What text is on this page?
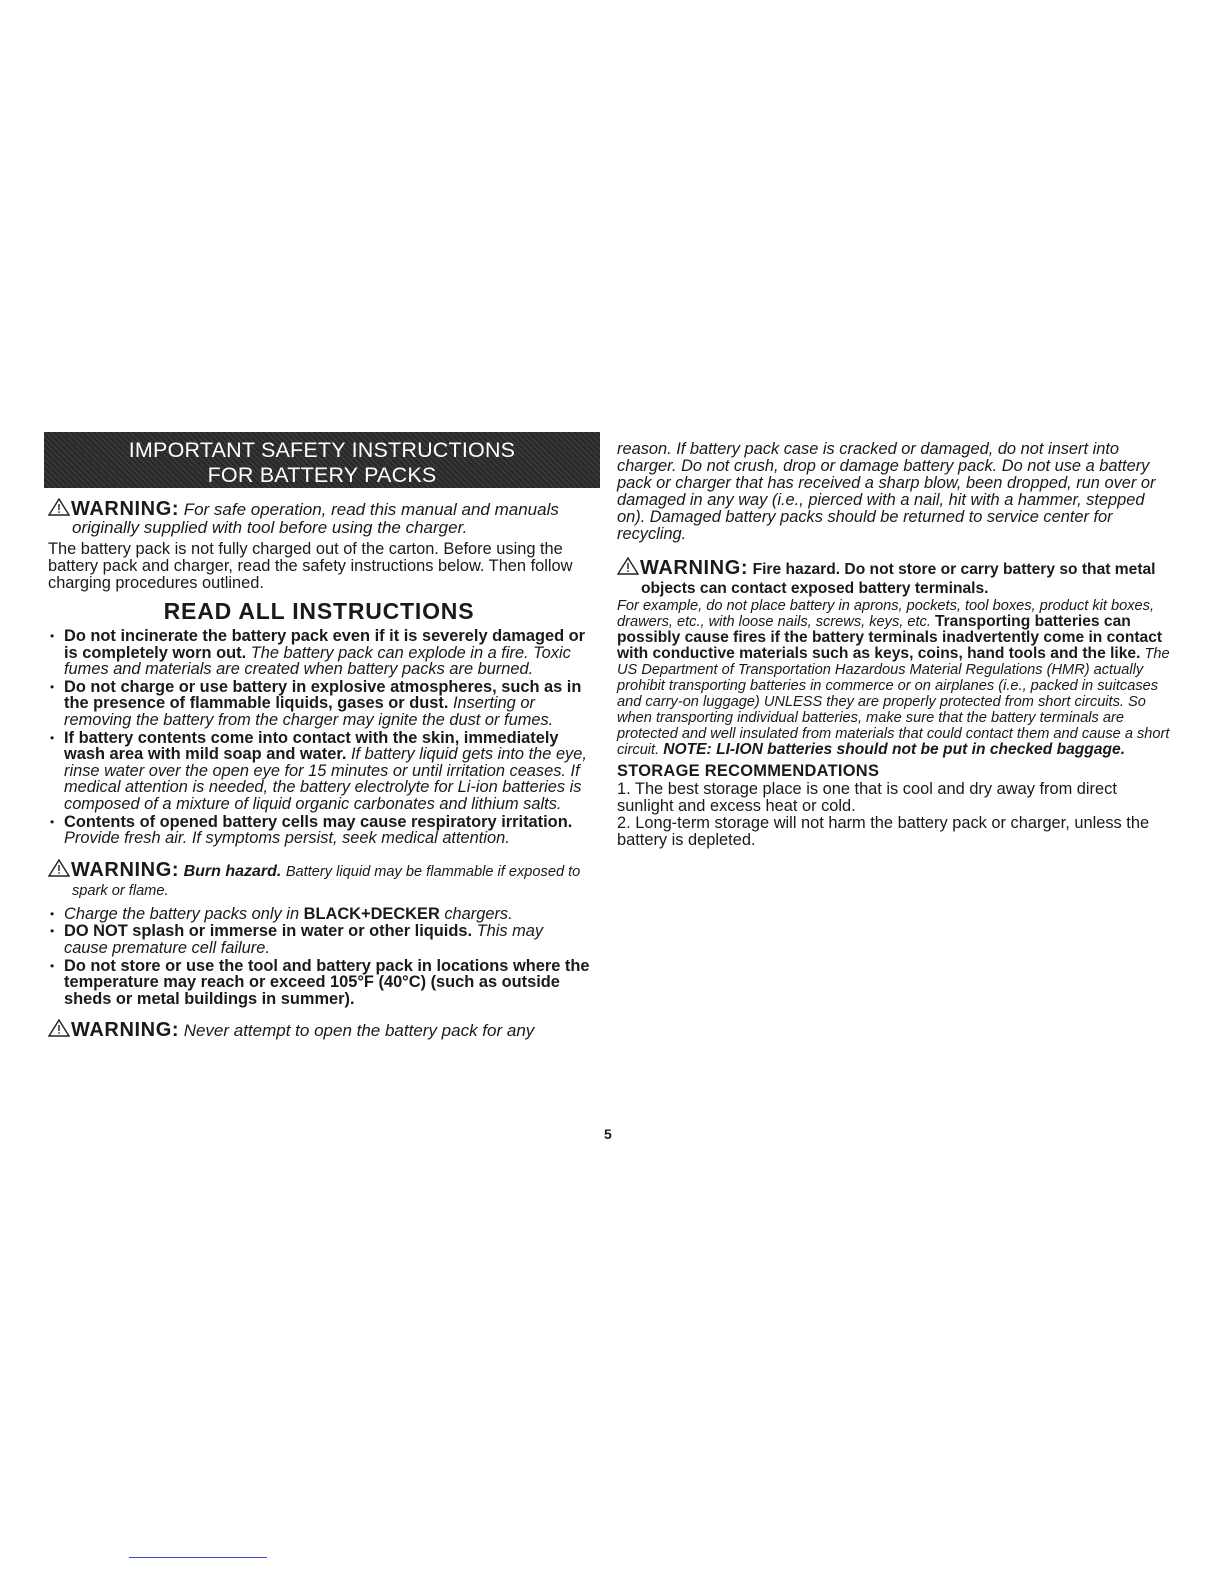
IMPORTANT SAFETY INSTRUCTIONS
FOR BATTERY PACKS
WARNING: For safe operation, read this manual and manuals originally supplied with tool before using the charger.
The battery pack is not fully charged out of the carton. Before using the battery pack and charger, read the safety instructions below. Then follow charging procedures outlined.
READ ALL INSTRUCTIONS
• Do not incinerate the battery pack even if it is severely damaged or is completely worn out. The battery pack can explode in a fire. Toxic fumes and materials are created when battery packs are burned.
• Do not charge or use battery in explosive atmospheres, such as in the presence of flammable liquids, gases or dust. Inserting or removing the battery from the charger may ignite the dust or fumes.
• If battery contents come into contact with the skin, immediately wash area with mild soap and water. If battery liquid gets into the eye, rinse water over the open eye for 15 minutes or until irritation ceases. If medical attention is needed, the battery electrolyte for Li-ion batteries is composed of a mixture of liquid organic carbonates and lithium salts.
• Contents of opened battery cells may cause respiratory irritation. Provide fresh air. If symptoms persist, seek medical attention.
WARNING: Burn hazard. Battery liquid may be flammable if exposed to spark or flame.
• Charge the battery packs only in BLACK+DECKER chargers.
• DO NOT splash or immerse in water or other liquids. This may cause premature cell failure.
• Do not store or use the tool and battery pack in locations where the temperature may reach or exceed 105°F (40°C) (such as outside sheds or metal buildings in summer).
WARNING: Never attempt to open the battery pack for any
reason. If battery pack case is cracked or damaged, do not insert into charger. Do not crush, drop or damage battery pack. Do not use a battery pack or charger that has received a sharp blow, been dropped, run over or damaged in any way (i.e., pierced with a nail, hit with a hammer, stepped on). Damaged battery packs should be returned to service center for recycling.
WARNING: Fire hazard. Do not store or carry battery so that metal objects can contact exposed battery terminals.
For example, do not place battery in aprons, pockets, tool boxes, product kit boxes, drawers, etc., with loose nails, screws, keys, etc. Transporting batteries can possibly cause fires if the battery terminals inadvertently come in contact with conductive materials such as keys, coins, hand tools and the like. The US Department of Transportation Hazardous Material Regulations (HMR) actually prohibit transporting batteries in commerce or on airplanes (i.e., packed in suitcases and carry-on luggage) UNLESS they are properly protected from short circuits. So when transporting individual batteries, make sure that the battery terminals are protected and well insulated from materials that could contact them and cause a short circuit. NOTE: LI-ION batteries should not be put in checked baggage.
STORAGE RECOMMENDATIONS

1. The best storage place is one that is cool and dry away from direct sunlight and excess heat or cold.

2. Long-term storage will not harm the battery pack or charger, unless the battery is depleted.

5
